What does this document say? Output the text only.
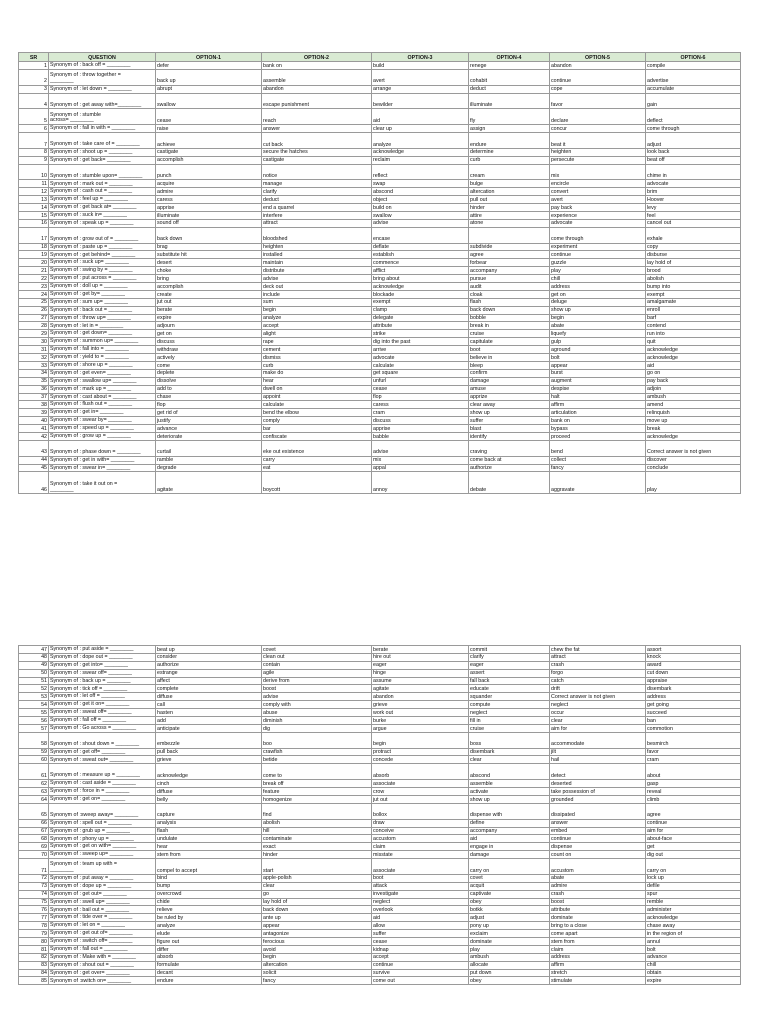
SR	QUESTION	OPTION-1	OPTION-2	OPTION-3	OPTION-4	OPTION-5	OPTION-6
1	Synonym of : back off = ________	defer	bank on	build	renege	abandon	compile
2	Synonym of : throw together =
________	back up	assemble	avert	cohabit	continue	advertise
3	Synonym of : let down = ________	abrupt	abandon	arrange	deduct	cope	accumulate
4	Synonym of : get away with=________	swallow	escape punishment	bewilder	illuminate	favor	gain
5	Synonym of : stumble
across= ________	cease	reach	aid	fly	declare	deflect
6	Synonym of : fall in with = ________	raise	answer	clear up	assign	concur	come through
7	Synonym of : take care of = ________	achieve	cut back	analyze	endure	beat it	adjust
8	Synonym of : shoot up = ________	castigate	secure the hatches	acknowledge	determine	heighten	look back
9	Synonym of : get back= ________	accomplish	castigate	reclaim	curb	persecute	beat off
10	Synonym of : stumble upon= ________	punch	notice	reflect	cream	mix	chime in
11	Synonym of : mark out = ________	acquire	manage	swap	bulge	encircle	advocate
12	Synonym of : cash out = ________	admire	clarify	abscond	altercation	convert	brim
13	Synonym of : feel up = ________	caress	deduct	object	pull out	avert	Hoover
14	Synonym of : get back at= ________	apprise	end a quarrel	build on	hinder	pay back	levy
15	Synonym of : suck in= ________	illuminate	interfere	swallow	attire	experience	feel
16	Synonym of : speak up = ________	sound off	attract	advise	atone	advocate	cancel out
17	Synonym of : grow out of = ________	back down	bloodshed	encase		come through	exhale
18	Synonym of : paste up = ________	brag	heighten	deflate	subdivide	experiment	copy
19	Synonym of : get behind= ________	substitute hit	installed	establish	agree	continue	disburse
20	Synonym of : suck up= ________	desert	maintain	commence	forbear	guzzle	lay hold of
21	Synonym of : swing by = ________	choke	distribute	afflict	accompany	play	brood
22	Synonym of : put across = ________	bring	advise	bring about	pursue	chill	abolish
23	Synonym of : doll up = ________	accomplish	deck out	acknowledge	audit	address	bump into
24	Synonym of : get by= ________	create	include	blockade	cloak	get on	exempt
25	Synonym of : sum up= ________	jut out	sum	exempt	flash	deluge	amalgamate
26	Synonym of : back out = ________	berate	begin	clamp	back down	show up	enroll
27	Synonym of : throw up= ________	expire	analyze	delegate	bobble	begin	barf
28	Synonym of : let in = ________	adjourn	accept	attribute	break in	abate	contend
29	Synonym of : get down= ________	get on	alight	strike	cruise	liquefy	run into
30	Synonym of : summon up= ________	discuss	rape	dig into the past	capitulate	gulp	quit
31	Synonym of : fall into = ________	withdraw	cement	arrive	boot	aground	acknowledge
32	Synonym of : yield to = ________	actively	dismiss	advocate	believe in	bolt	acknowledge
33	Synonym of : shore up = ________	come	curb	calculate	bleep	appear	aid
34	Synonym of : get even= ________	deplete	make do	get square	confirm	burst	go on
35	Synonym of : swallow up= ________	dissolve	hear	unfurl	damage	augment	pay back
36	Synonym of : mark up = ________	add to	dwell on	cease	amuse	despise	adjoin
37	Synonym of : cast about = ________	chase	appoint	flop	apprize	halt	ambush
38	Synonym of : flush out = ________	flop	calculate	caress	clear away	affirm	amend
39	Synonym of : get in= ________	get rid of	bend the elbow	cram	show up	articulation	relinquish
40	Synonym of : swear by= ________	justify	comply	discuss	suffer	bank on	move up
41	Synonym of : speed up = ________	advance	bar	apprise	blast	bypass	break
42	Synonym of : grow up = ________	deteriorate	confiscate	babble	identify	proceed	acknowledge
43	Synonym of : phase down = ________	curtail	eke out existence	advise	craving	bend	Correct answer is not given
44	Synonym of : get in with= ________	ramble	carry	mix	come back at	collect	discover
45	Synonym of : swear in= ________	degrade	eat	appal	authorize	fancy	conclude
46	Synonym of : take it out on =
________	agitate	boycott	annoy	debate	aggravate	play
47	Synonym of : put aside = ________	beat up	covet	berate	commit	chew the fat	assort
48	Synonym of : dope out = ________	consider	clean out	hire out	clarify	attract	knock
49	Synonym of : get into= ________	authorize	contain	eager	eager	crash	award
50	Synonym of : swear off= ________	estrange	agile	hinge	assert	forgo	cut down
51	Synonym of : back up = ________	affect	derive from	assume	fall back	catch	appraise
52	Synonym of : tick off = ________	complete	boost	agitate	educate	drift	disembark
53	Synonym of : let off = ________	diffuse	advise	abandon	squander	Correct answer is not given	address
54	Synonym of : get it on= ________	call	comply with	grieve	compute	neglect	get going
55	Synonym of : sweat off= ________	hasten	abuse	work out	neglect	occur	succeed
56	Synonym of : fall off = ________	add	diminish	burke	fill in	clear	ban
57	Synonym of : Go across = ________	anticipate	dig	argue	cruise	aim for	commotion
58	Synonym of : shout down = ________	embezzle	boo	begin	boss	accommodate	besmirch
59	Synonym of : get off= ________	pull back	crawfish	protract	disembark	jilt	favor
60	Synonym of : sweat out= ________	grieve	betide	concede	clear	hail	cram
61	Synonym of : measure up = ________	acknowledge	come to	absorb	abscond	detect	about
62	Synonym of : cast aside = ________	cinch	break off	associate	assemble	deserted	gasp
63	Synonym of : force in = ________	diffuse	feature	crow	activate	take possession of	reveal
64	Synonym of : get on= ________	belly	homogenize	jut out	show up	grounded	climb
65	Synonym of :sweep away= ________	capture	find	bollox	dispense with	dissipated	agree
66	Synonym of : spell out = ________	analysis	abolish	draw	define	answer	continue
67	Synonym of : grub up = ________	flash	hill	conceive	accompany	embed	aim for
68	Synonym of : phony up = ________	undulate	contaminate	accustom	aid	continue	about-face
69	Synonym of : get on with= ________	hear	exact	claim	engage in	dispense	get
70	Synonym of : sweep up= ________	stem from	hinder	misstate	damage	count on	dig out
71	Synonym of : team up with =
________	compel to accept	start	associate	carry on	accustom	carry on
72	Synonym of : put away = ________	bind	apple-polish	boot	covet	abate	lock up
73	Synonym of : dope up = ________	bump	clear	attack	acquit	admire	defile
74	Synonym of : get out= ________	overcrowd	go	investigate	captivate	crash	spur
75	Synonym of : swell up= ________	chide	lay hold of	neglect	obey	boost	remble
76	Synonym of : bail out = ________	relieve	back down	overlook	botkk	attribute	administer
77	Synonym of : tide over = ________	be ruled by	ante up	aid	adjust	dominate	acknowledge
78	Synonym of : let on = ________	analyze	appear	allow	pony up	bring to a close	chase away
79	Synonym of : get out of= ________	elude	antagonize	suffer	exclaim	come apart	in the region of
80	Synonym of : switch off= ________	figure out	ferocious	cease	dominate	stem from	annul
81	Synonym of : fall out = ________	differ	avoid	kidnap	play	claim	bolt
82	Synonym of : Make with = ________	absorb	begin	accept	ambush	address	advance
83	Synonym of : shout out = ________	formulate	altercation	continue	allocate	affirm	chill
84	Synonym of : get over= ________	decant	solicit	survive	put down	stretch	obtain
85	Synonym of :switch on= ________	endure	fancy	come out	obey	stimulate	expire
